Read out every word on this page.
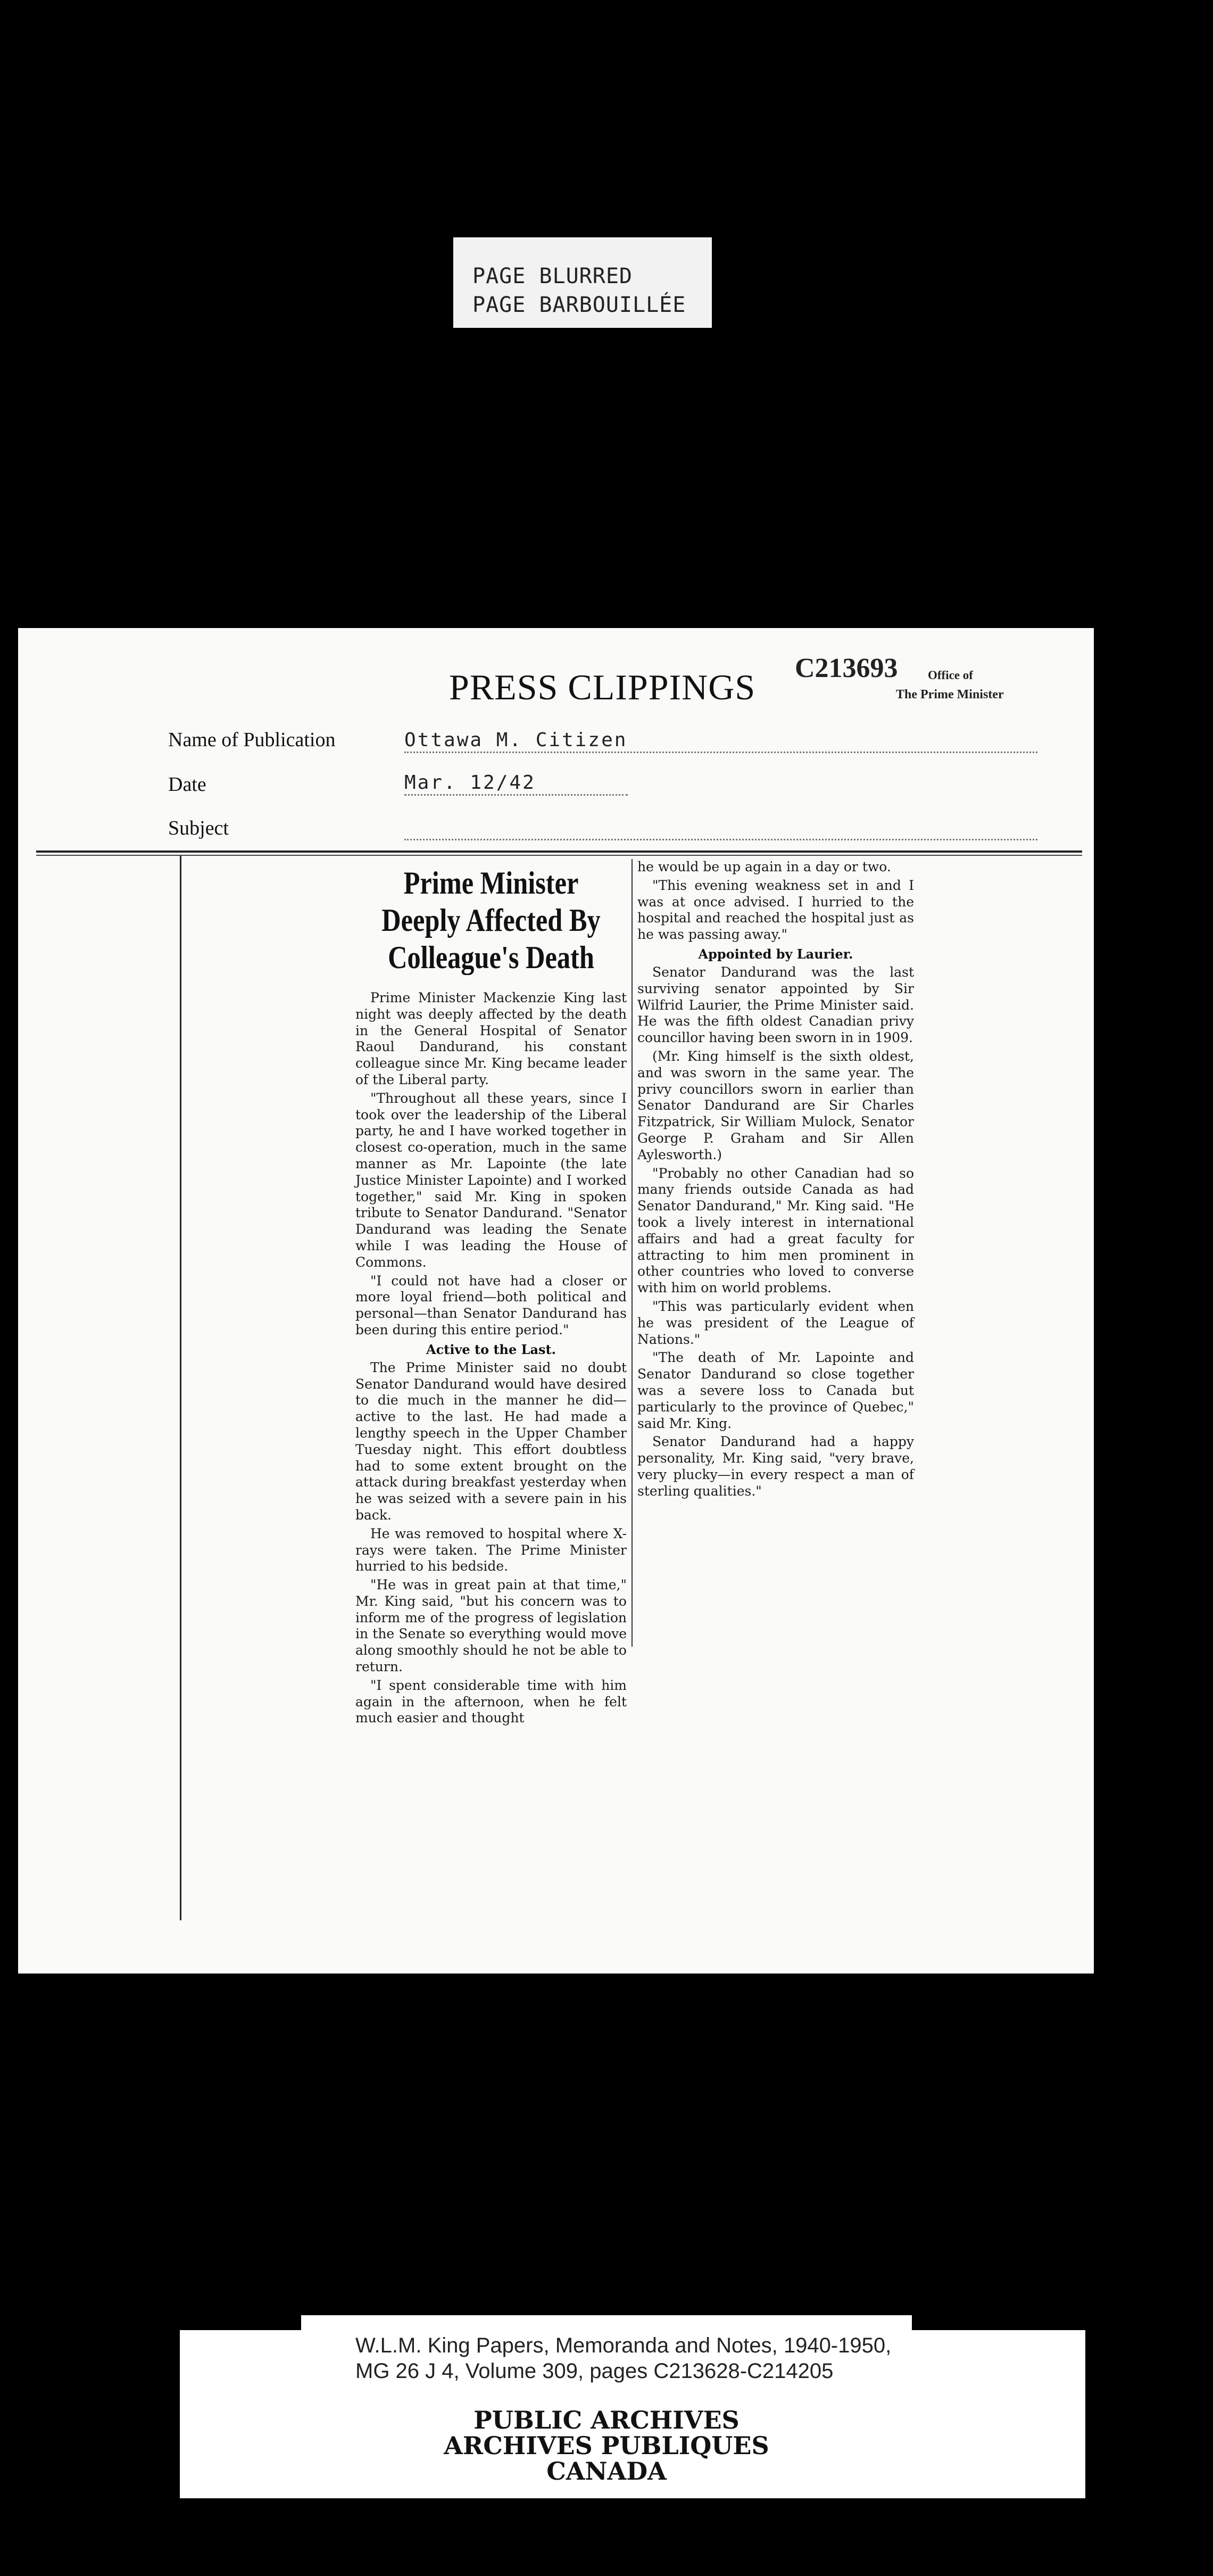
PAGE BLURRED
PAGE BARBOUILLÉE
PRESS CLIPPINGS	C213693 Office of
The Prime Minister
Name of Publication	Ottawa M. Citizen
Date	Mar. 12/42
Subject
Prime Minister Deeply Affected By Colleague's Death

Prime Minister Mackenzie King last night was deeply affected by the death in the General Hospital of Senator Raoul Dandurand, his constant colleague since Mr. King became leader of the Liberal party.

"Throughout all these years, since I took over the leadership of the Liberal party, he and I have worked together in closest co-operation, much in the same manner as Mr. Lapointe (the late Justice Minister Lapointe) and I worked together," said Mr. King in spoken tribute to Senator Dandurand. "Senator Dandurand was leading the Senate while I was leading the House of Commons.

"I could not have had a closer or more loyal friend—both political and personal—than Senator Dandurand has been during this entire period."

Active to the Last.

The Prime Minister said no doubt Senator Dandurand would have desired to die much in the manner he did—active to the last. He had made a lengthy speech in the Upper Chamber Tuesday night. This effort doubtless had to some extent brought on the attack during breakfast yesterday when he was seized with a severe pain in his back.

He was removed to hospital where X-rays were taken. The Prime Minister hurried to his bedside.

"He was in great pain at that time," Mr. King said, "but his concern was to inform me of the progress of legislation in the Senate so everything would move along smoothly should he not be able to return.

"I spent considerable time with him again in the afternoon, when he felt much easier and thought

he would be up again in a day or two.

"This evening weakness set in and I was at once advised. I hurried to the hospital and reached the hospital just as he was passing away."

Appointed by Laurier.

Senator Dandurand was the last surviving senator appointed by Sir Wilfrid Laurier, the Prime Minister said. He was the fifth oldest Canadian privy councillor having been sworn in in 1909.

(Mr. King himself is the sixth oldest, and was sworn in the same year. The privy councillors sworn in earlier than Senator Dandurand are Sir Charles Fitzpatrick, Sir William Mulock, Senator George P. Graham and Sir Allen Aylesworth.)

"Probably no other Canadian had so many friends outside Canada as had Senator Dandurand," Mr. King said. "He took a lively interest in international affairs and had a great faculty for attracting to him men prominent in other countries who loved to converse with him on world problems.

"This was particularly evident when he was president of the League of Nations."

"The death of Mr. Lapointe and Senator Dandurand so close together was a severe loss to Canada but particularly to the province of Quebec," said Mr. King.

Senator Dandurand had a happy personality, Mr. King said, "very brave, very plucky—in every respect a man of sterling qualities."

W.L.M. King Papers, Memoranda and Notes, 1940-1950,
MG 26 J 4, Volume 309, pages C213628-C214205
PUBLIC ARCHIVES
ARCHIVES PUBLIQUES
CANADA
